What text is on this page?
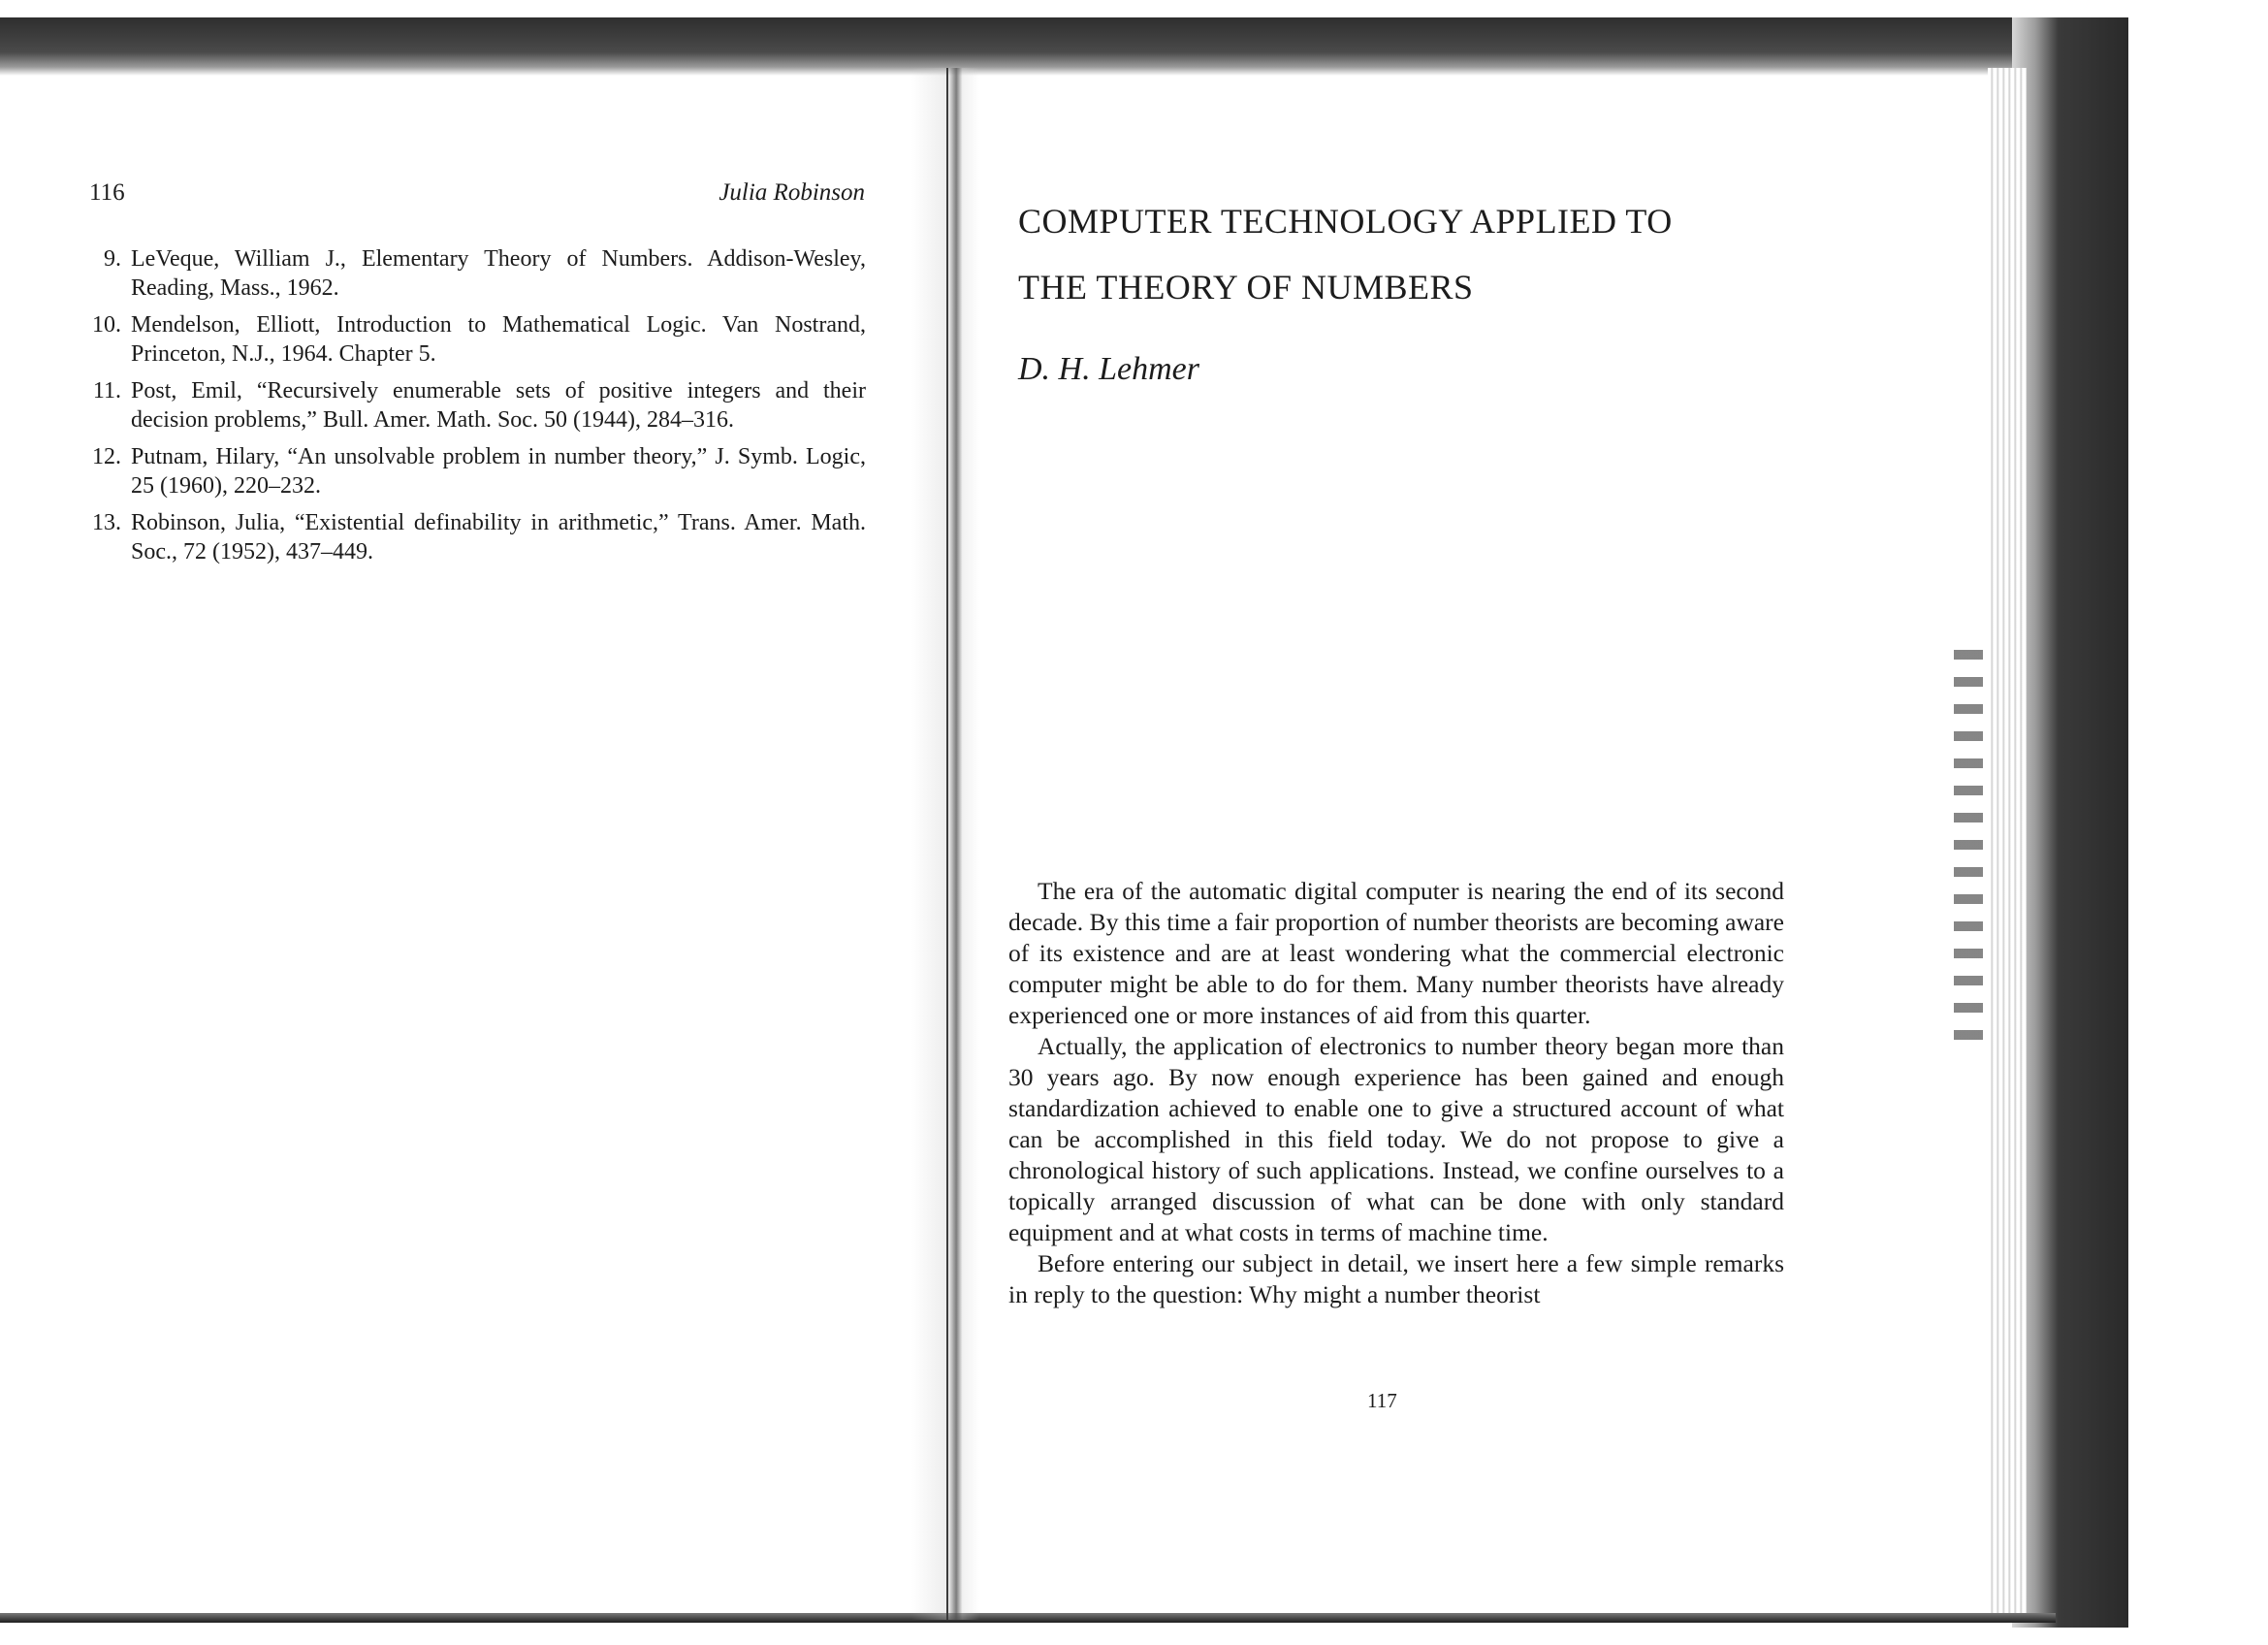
116	Julia Robinson
9. LeVeque, William J., Elementary Theory of Numbers. Addison-Wesley, Reading, Mass., 1962.
10. Mendelson, Elliott, Introduction to Mathematical Logic. Van Nostrand, Princeton, N.J., 1964. Chapter 5.
11. Post, Emil, “Recursively enumerable sets of positive integers and their decision problems,” Bull. Amer. Math. Soc. 50 (1944), 284–316.
12. Putnam, Hilary, “An unsolvable problem in number theory,” J. Symb. Logic, 25 (1960), 220–232.
13. Robinson, Julia, “Existential definability in arithmetic,” Trans. Amer. Math. Soc., 72 (1952), 437–449.
COMPUTER TECHNOLOGY APPLIED TO
THE THEORY OF NUMBERS
D. H. Lehmer

The era of the automatic digital computer is nearing the end of its second decade. By this time a fair proportion of number theorists are becoming aware of its existence and are at least wondering what the commercial electronic computer might be able to do for them. Many number theorists have already experienced one or more instances of aid from this quarter.

Actually, the application of electronics to number theory began more than 30 years ago. By now enough experience has been gained and enough standardization achieved to enable one to give a structured account of what can be accomplished in this field today. We do not propose to give a chronological history of such applications. Instead, we confine ourselves to a topically arranged discussion of what can be done with only standard equipment and at what costs in terms of machine time.

Before entering our subject in detail, we insert here a few simple remarks in reply to the question: Why might a number theorist

117
